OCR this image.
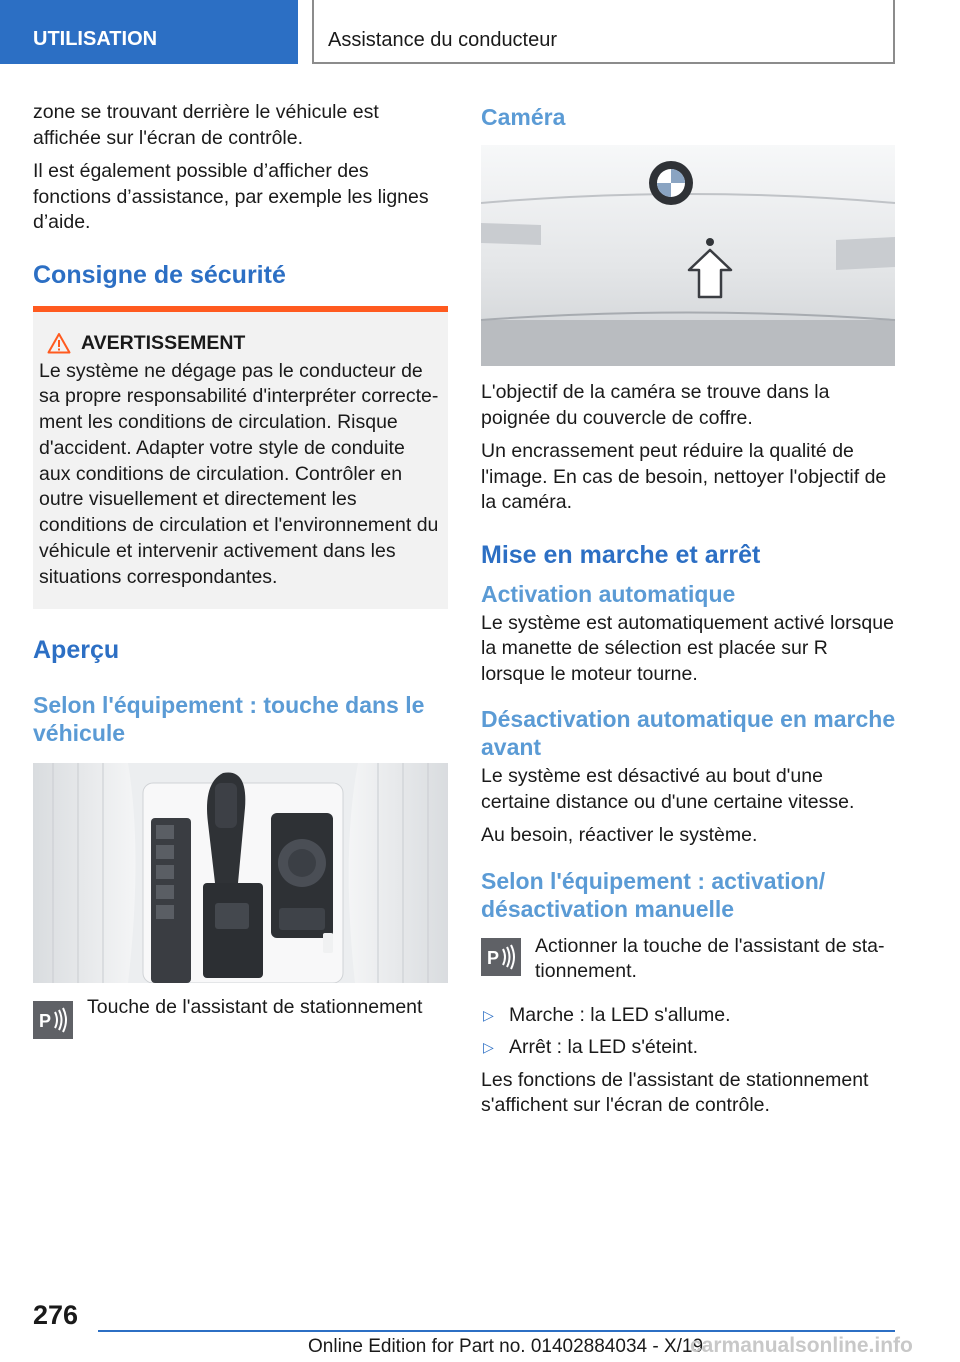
UTILISATION	Assistance du conducteur

zone se trouvant derrière le véhicule est affichée sur l'écran de contrôle.

Il est également possible d’afficher des fonctions d’assistance, par exemple les lignes d’aide.

Consigne de sécurité
AVERTISSEMENT
Le système ne dégage pas le conducteur de sa propre responsabilité d'interpréter correctement les conditions de circulation. Risque d'accident. Adapter votre style de conduite aux conditions de circulation. Contrôler en outre visuellement et directement les conditions de circulation et l'environnement du véhicule et intervenir activement dans les situations correspondantes.
Aperçu
Selon l'équipement : touche dans le véhicule
P
Touche de l'assistant de stationnement
Caméra

L'objectif de la caméra se trouve dans la poignée du couvercle de coffre.

Un encrassement peut réduire la qualité de l'image. En cas de besoin, nettoyer l'objectif de la caméra.

Mise en marche et arrêt
Activation automatique

Le système est automatiquement activé lorsque la manette de sélection est placée sur R lorsque le moteur tourne.

Désactivation automatique en marche avant

Le système est désactivé au bout d'une certaine distance ou d'une certaine vitesse.

Au besoin, réactiver le système.

Selon l'équipement : activation/ désactivation manuelle
P
Actionner la touche de l'assistant de stationnement.
▷ Marche : la LED s'allume.
▷ Arrêt : la LED s'éteint.

Les fonctions de l'assistant de stationnement s'affichent sur l'écran de contrôle.

276
Online Edition for Part no. 01402884034 - X/19
carmanualsonline.info
